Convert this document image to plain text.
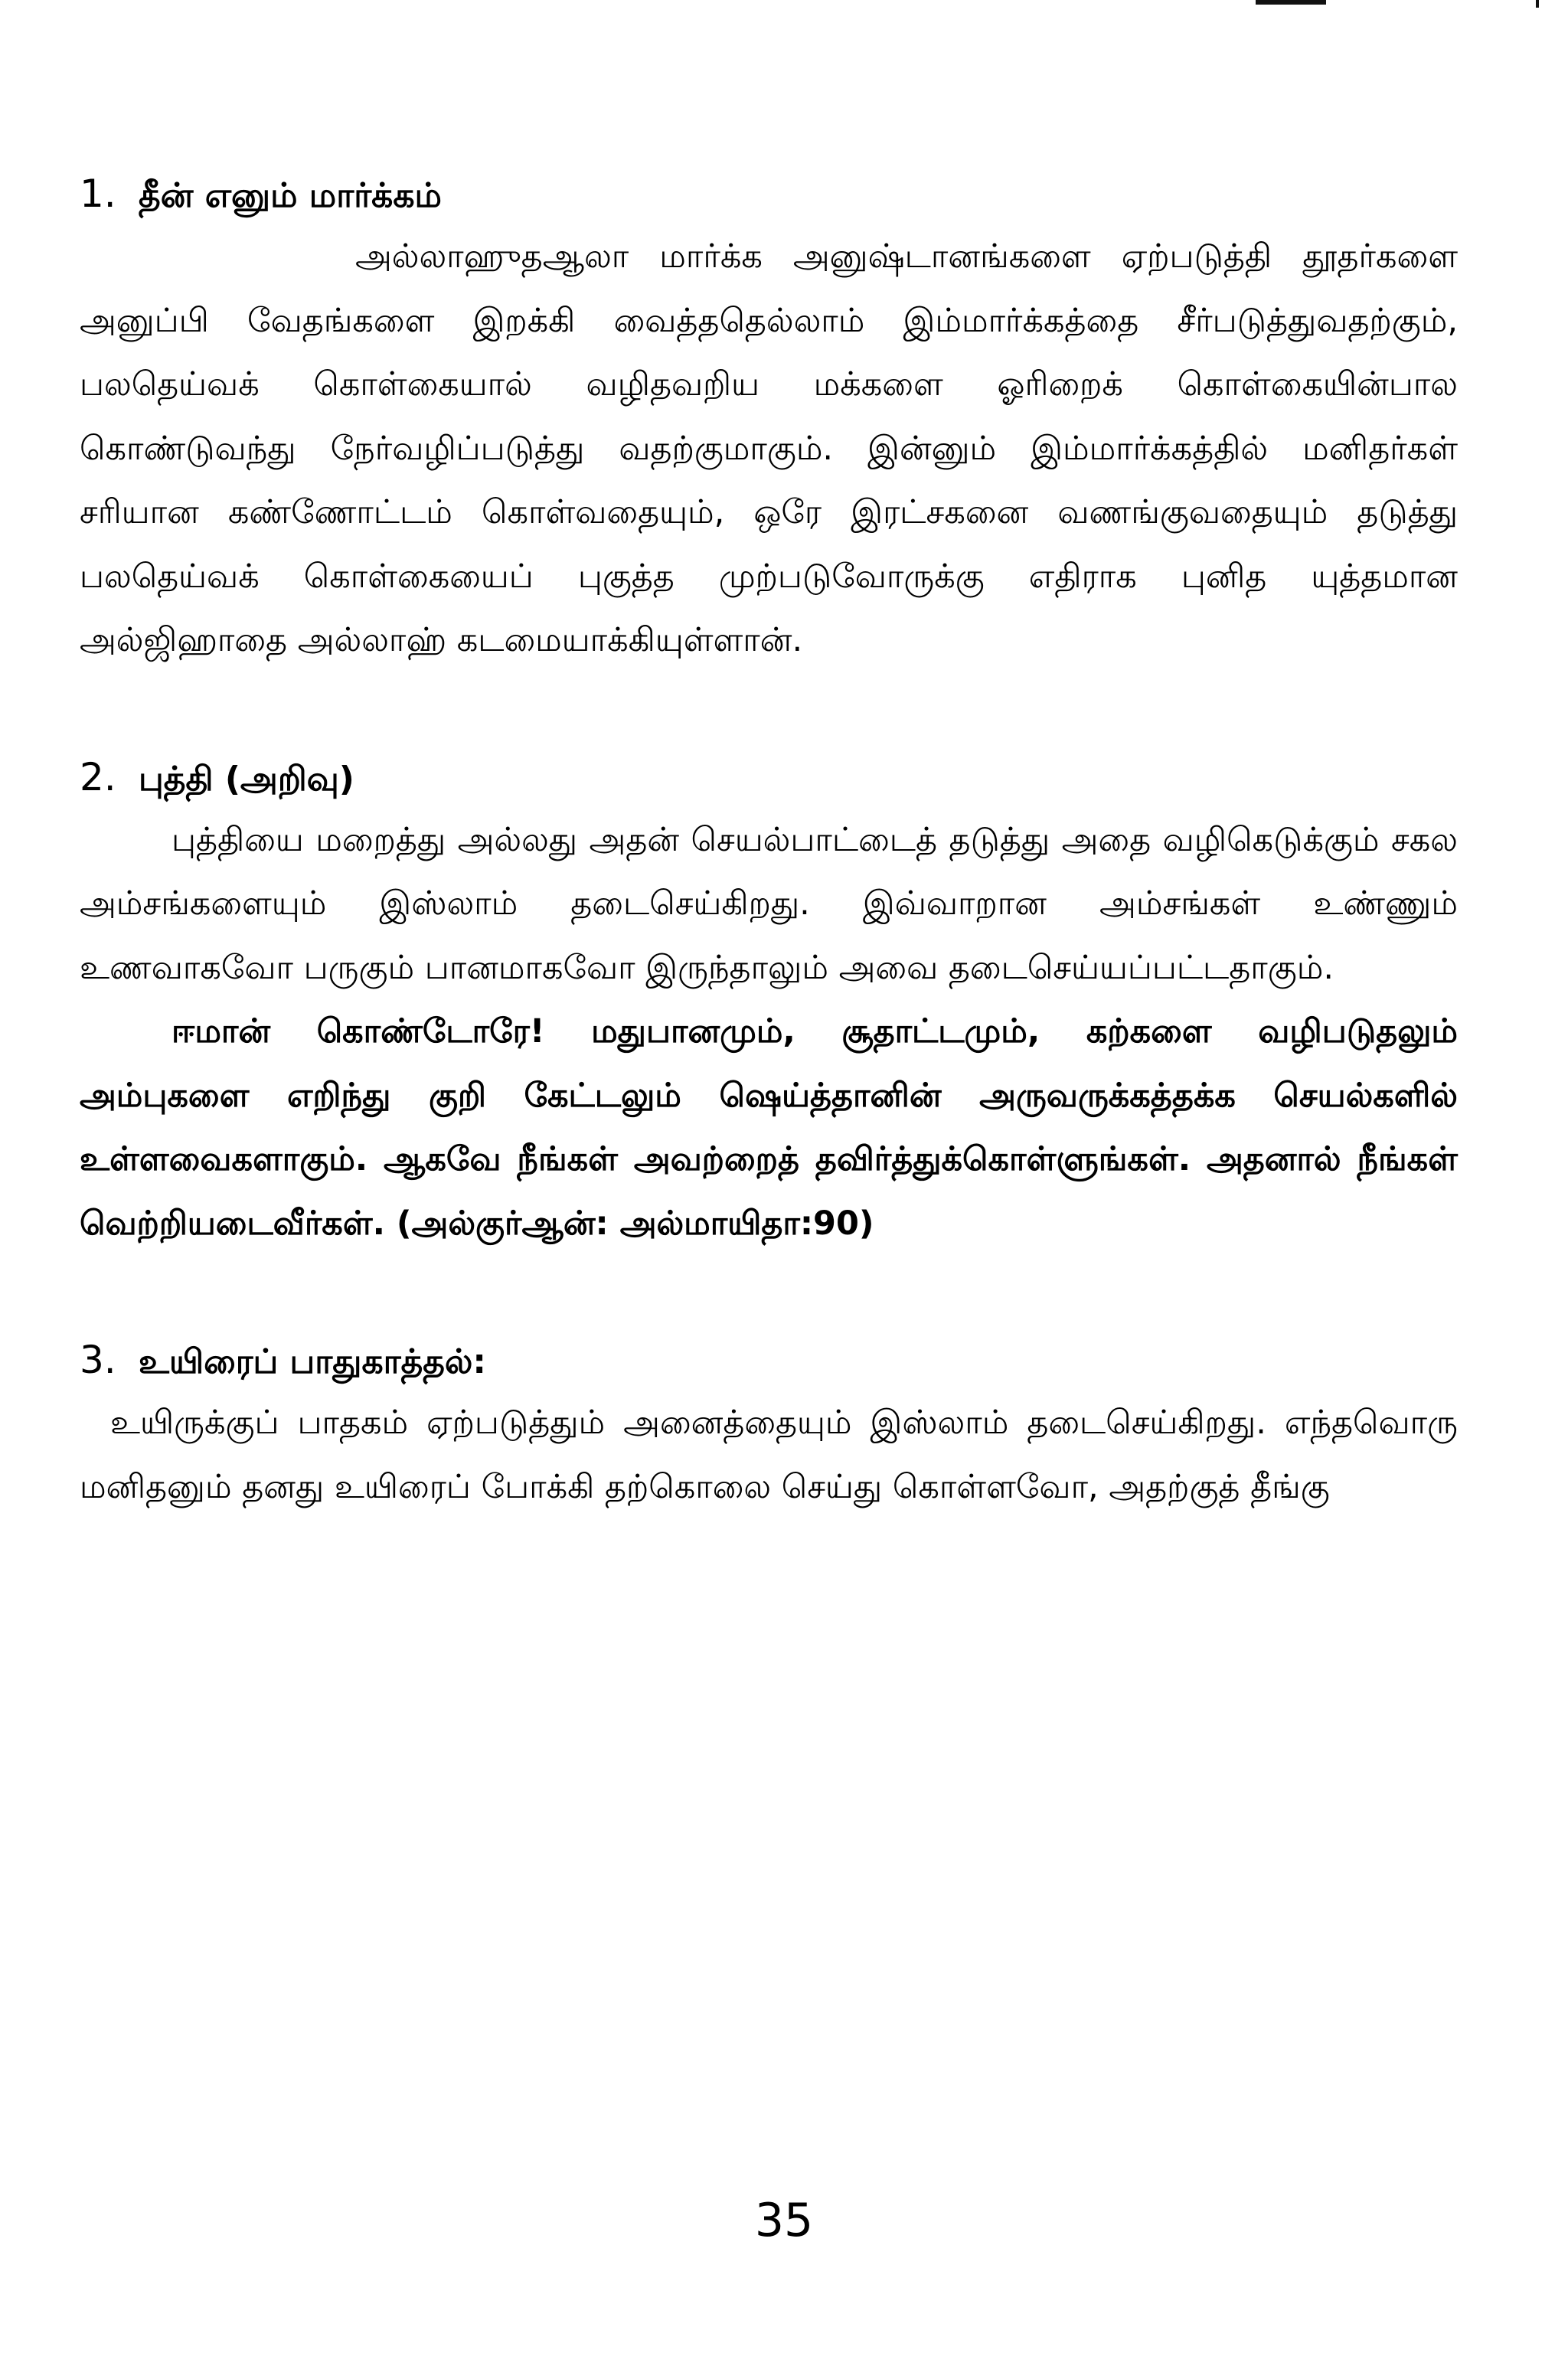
1. தீன் எனும் மார்க்கம்

அல்லாஹுதஆலா மார்க்க அனுஷ்டானங்களை ஏற்படுத்தி தூதர்களை அனுப்பி வேதங்களை இறக்கி வைத்ததெல்லாம் இம்மார்க்கத்தை சீர்படுத்துவதற்கும், பலதெய்வக் கொள்கையால் வழிதவறிய மக்களை ஓரிறைக் கொள்கையின்பால கொண்டுவந்து நேர்வழிப்படுத்து வதற்குமாகும். இன்னும் இம்மார்க்கத்தில் மனிதர்கள் சரியான கண்ணோட்டம் கொள்வதையும், ஒரே இரட்சகனை வணங்குவதையும் தடுத்து பலதெய்வக் கொள்கையைப் புகுத்த முற்படுவோருக்கு எதிராக புனித யுத்தமான அல்ஜிஹாதை அல்லாஹ் கடமையாக்கியுள்ளான்.

2. புத்தி (அறிவு)

புத்தியை மறைத்து அல்லது அதன் செயல்பாட்டைத் தடுத்து அதை வழிகெடுக்கும் சகல அம்சங்களையும் இஸ்லாம் தடைசெய்கிறது. இவ்வாறான அம்சங்கள் உண்ணும் உணவாகவோ பருகும் பானமாகவோ இருந்தாலும் அவை தடைசெய்யப்பட்டதாகும்.

ஈமான் கொண்டோரே! மதுபானமும், சூதாட்டமும், கற்களை வழிபடுதலும் அம்புகளை எறிந்து குறி கேட்டலும் ஷெய்த்தானின் அருவருக்கத்தக்க செயல்களில் உள்ளவைகளாகும். ஆகவே நீங்கள் அவற்றைத் தவிர்த்துக்கொள்ளுங்கள். அதனால் நீங்கள் வெற்றியடைவீர்கள். (அல்குர்ஆன்: அல்மாயிதா:90)

3. உயிரைப் பாதுகாத்தல்:

உயிருக்குப் பாதகம் ஏற்படுத்தும் அனைத்தையும் இஸ்லாம் தடைசெய்கிறது. எந்தவொரு மனிதனும் தனது உயிரைப் போக்கி தற்கொலை செய்து கொள்ளவோ, அதற்குத் தீங்கு

35
